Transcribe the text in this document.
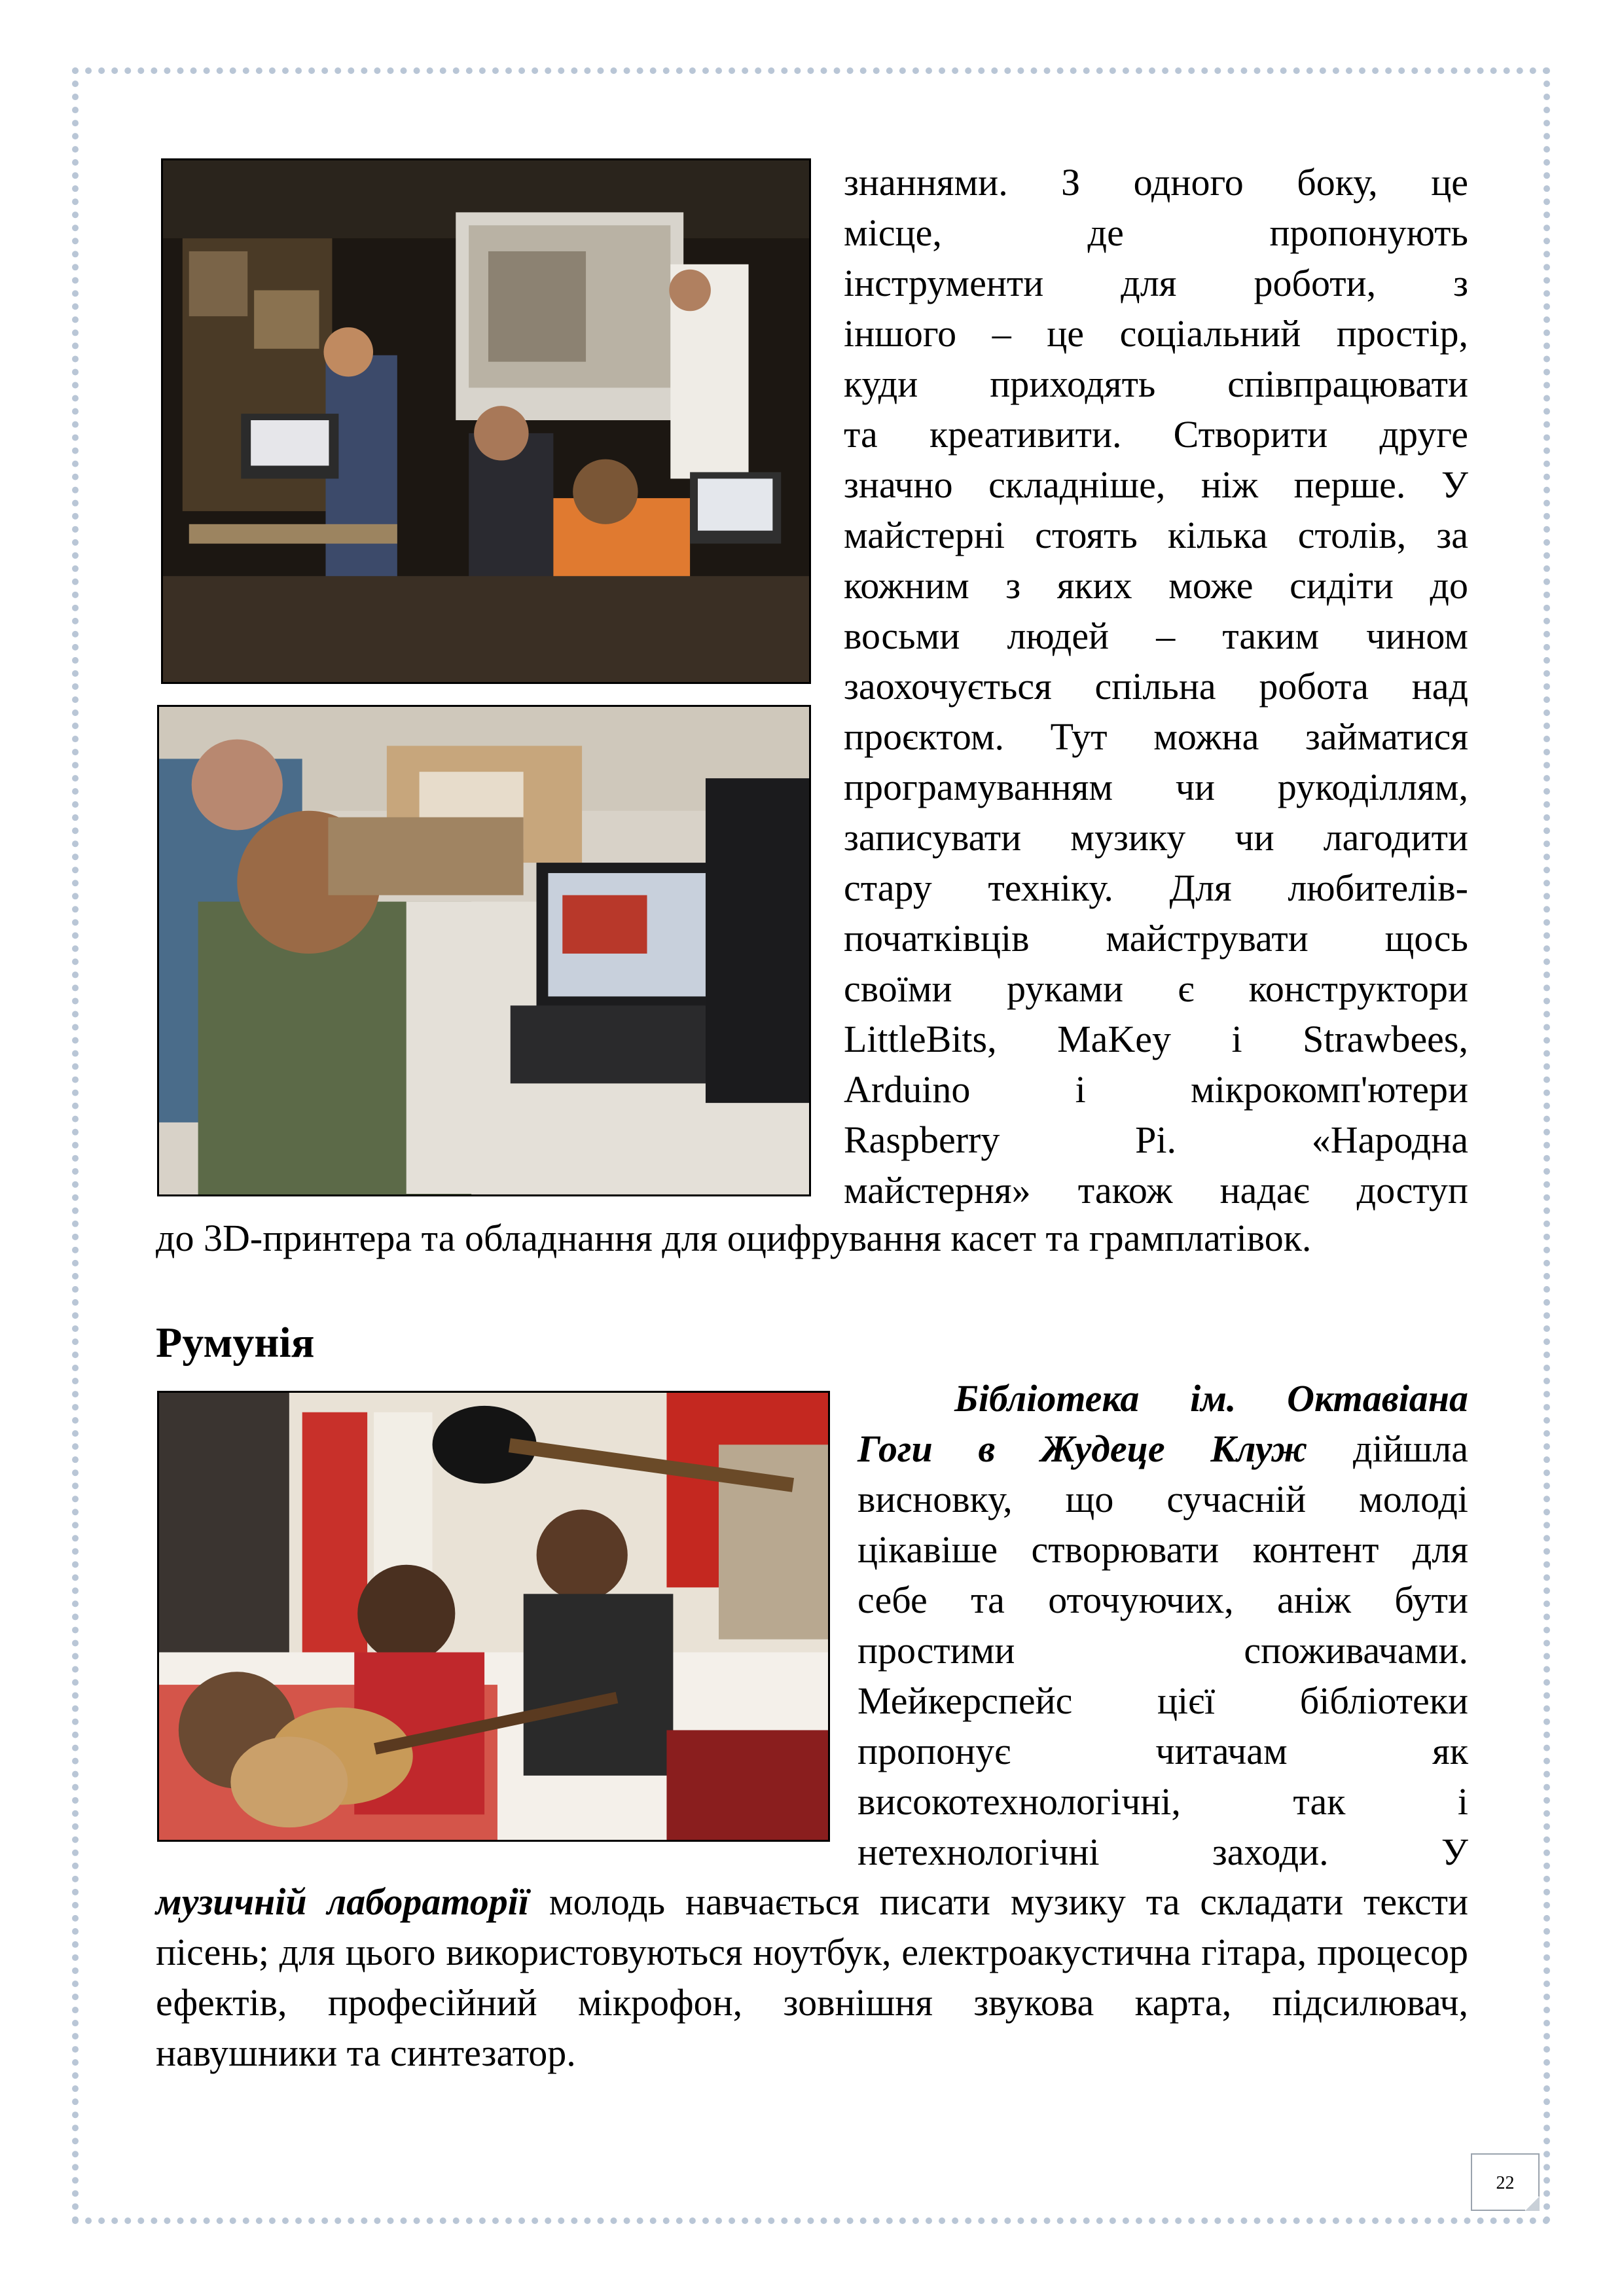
знаннями. З одного боку, це

місце, де пропонують

інструменти для роботи, з

іншого – це соціальний простір,

куди приходять співпрацювати

та креативити. Створити друге

значно складніше, ніж перше. У

майстерні стоять кілька столів, за

кожним з яких може сидіти до

восьми людей – таким чином

заохочується спільна робота над

проєктом. Тут можна займатися

програмуванням чи рукоділлям,

записувати музику чи лагодити

стару техніку. Для любителів-

початківців майструвати щось

своїми руками є конструктори

LittleBits, MaKey і Strawbees,

Arduino і мікрокомп'ютери

Raspberry Pi. «Народна

майстерня» також надає доступ

до 3D-принтера та обладнання для оцифрування касет та грамплатівок.

Румунія

Бібліотека ім. Октавіана Гоги в Жудеце Клуж дійшла висновку, що сучасній молоді цікавіше створювати контент для себе та оточуючих, аніж бути простими споживачами. Мейкерспейс цієї бібліотеки пропонує читачам як високотехнологічні, так і нетехнологічні заходи. У

музичній лабораторії молодь навчається писати музику та складати тексти пісень; для цього використовуються ноутбук, електроакустична гітара, процесор ефектів, професійний мікрофон, зовнішня звукова карта, підсилювач, навушники та синтезатор.

22
